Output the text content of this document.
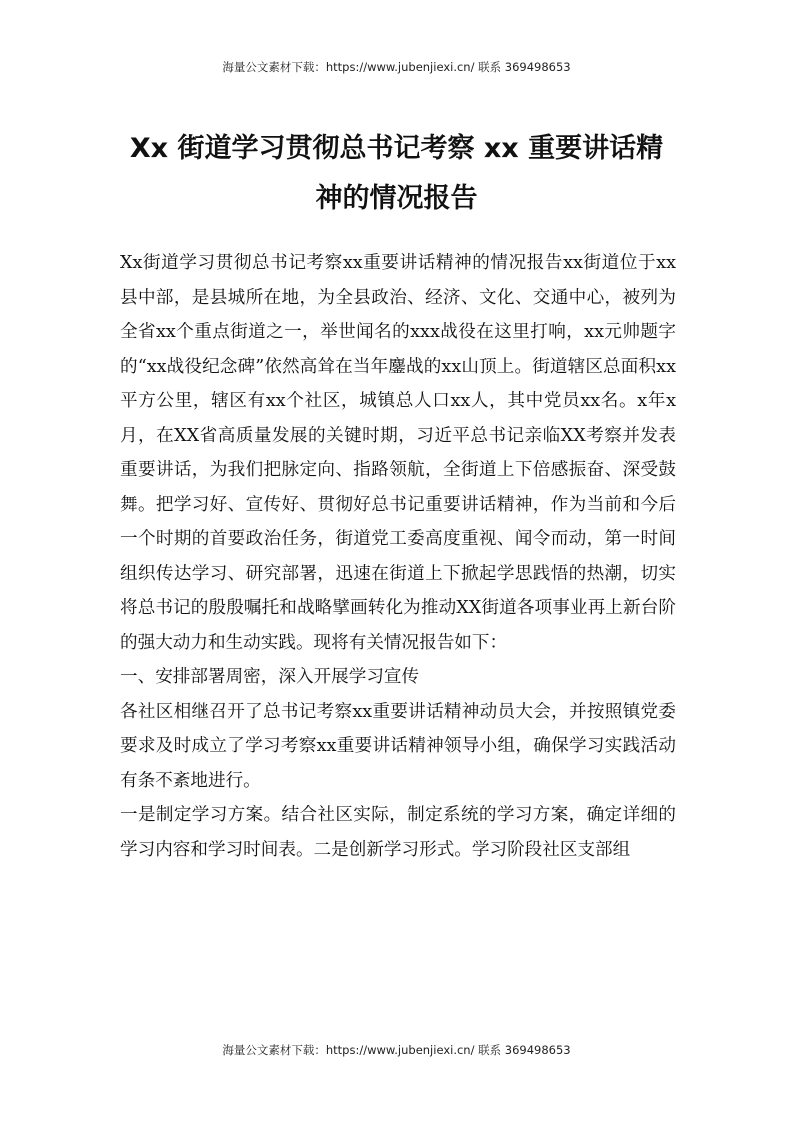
海量公文素材下载：https://www.jubenjiexi.cn/ 联系 369498653
Xx 街道学习贯彻总书记考察 xx 重要讲话精
神的情况报告

Xx街道学习贯彻总书记考察xx重要讲话精神的情况报告xx街道位于xx县中部，是县城所在地，为全县政治、经济、文化、交通中心，被列为全省xx个重点街道之一，举世闻名的xxx战役在这里打响，xx元帅题字的“xx战役纪念碑”依然高耸在当年鏖战的xx山顶上。街道辖区总面积xx平方公里，辖区有xx个社区，城镇总人口xx人，其中党员xx名。x年x月，在XX省高质量发展的关键时期，习近平总书记亲临XX考察并发表重要讲话，为我们把脉定向、指路领航，全街道上下倍感振奋、深受鼓舞。把学习好、宣传好、贯彻好总书记重要讲话精神，作为当前和今后一个时期的首要政治任务，街道党工委高度重视、闻令而动，第一时间组织传达学习、研究部署，迅速在街道上下掀起学思践悟的热潮，切实将总书记的殷殷嘱托和战略擘画转化为推动XX街道各项事业再上新台阶的强大动力和生动实践。现将有关情况报告如下：

一、安排部署周密，深入开展学习宣传

各社区相继召开了总书记考察xx重要讲话精神动员大会，并按照镇党委要求及时成立了学习考察xx重要讲话精神领导小组，确保学习实践活动有条不紊地进行。

一是制定学习方案。结合社区实际，制定系统的学习方案，确定详细的学习内容和学习时间表。二是创新学习形式。学习阶段社区支部组

海量公文素材下载：https://www.jubenjiexi.cn/ 联系 369498653
